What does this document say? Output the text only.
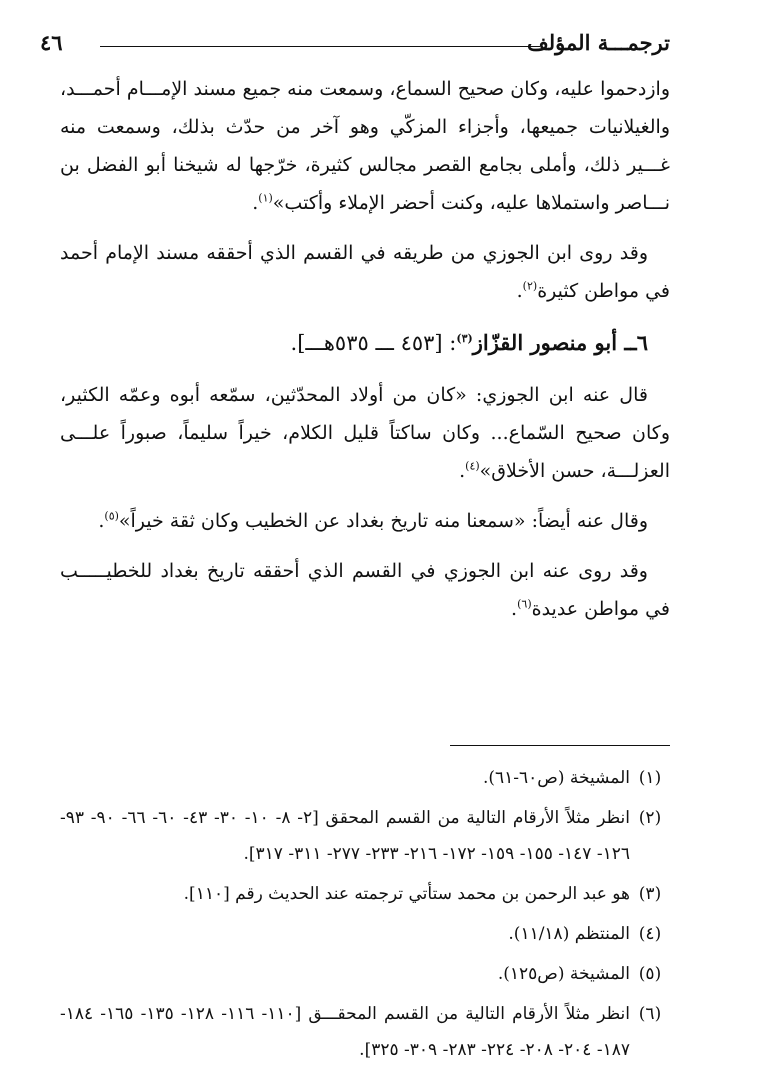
ترجمـــة المؤلف
٤٦

وازدحموا عليه، وكان صحيح السماع، وسمعت منه جميع مسند الإمـــام أحمـــد، والغيلانيات جميعها، وأجزاء المزكّي وهو آخر من حدّث بذلك، وسمعت منه غـــير ذلك، وأملى بجامع القصر مجالس كثيرة، خرّجها له شيخنا أبو الفضل بن نـــاصر واستملاها عليه، وكنت أحضر الإملاء وأكتب»$^{(١)}$.

وقد روى ابن الجوزي من طريقه في القسم الذي أحققه مسند الإمام أحمد في مواطن كثيرة$^{(٢)}$.

٦ــ أبو منصور القزّاز$^{(٣)}$: [٤٥٣ ـــ ٥٣٥هـــ].

قال عنه ابن الجوزي: «كان من أولاد المحدّثين، سمّعه أبوه وعمّه الكثير، وكان صحيح السّماع... وكان ساكتاً قليل الكلام، خيراً سليماً، صبوراً علـــى العزلـــة، حسن الأخلاق»$^{(٤)}$.

وقال عنه أيضاً: «سمعنا منه تاريخ بغداد عن الخطيب وكان ثقة خيراً»$^{(٥)}$.

وقد روى عنه ابن الجوزي في القسم الذي أحققه تاريخ بغداد للخطيـــــب في مواطن عديدة$^{(٦)}$.

(١)
المشيخة (ص٦٠-٦١).
(٢)
انظر مثلاً الأرقام التالية من القسم المحقق [٢- ٨- ١٠- ٣٠- ٤٣- ٦٠- ٦٦- ٩٠- ٩٣- ١٢٦- ١٤٧- ١٥٥- ١٥٩- ١٧٢- ٢١٦- ٢٣٣- ٢٧٧- ٣١١- ٣١٧].
(٣)
هو عبد الرحمن بن محمد ستأتي ترجمته عند الحديث رقم [١١٠].
(٤)
المنتظم (١١/١٨).
(٥)
المشيخة (ص١٢٥).
(٦)
انظر مثلاً الأرقام التالية من القسم المحقـــق [١١٠- ١١٦- ١٢٨- ١٣٥- ١٦٥- ١٨٤- ١٨٧- ٢٠٤- ٢٠٨- ٢٢٤- ٢٨٣- ٣٠٩- ٣٢٥].
